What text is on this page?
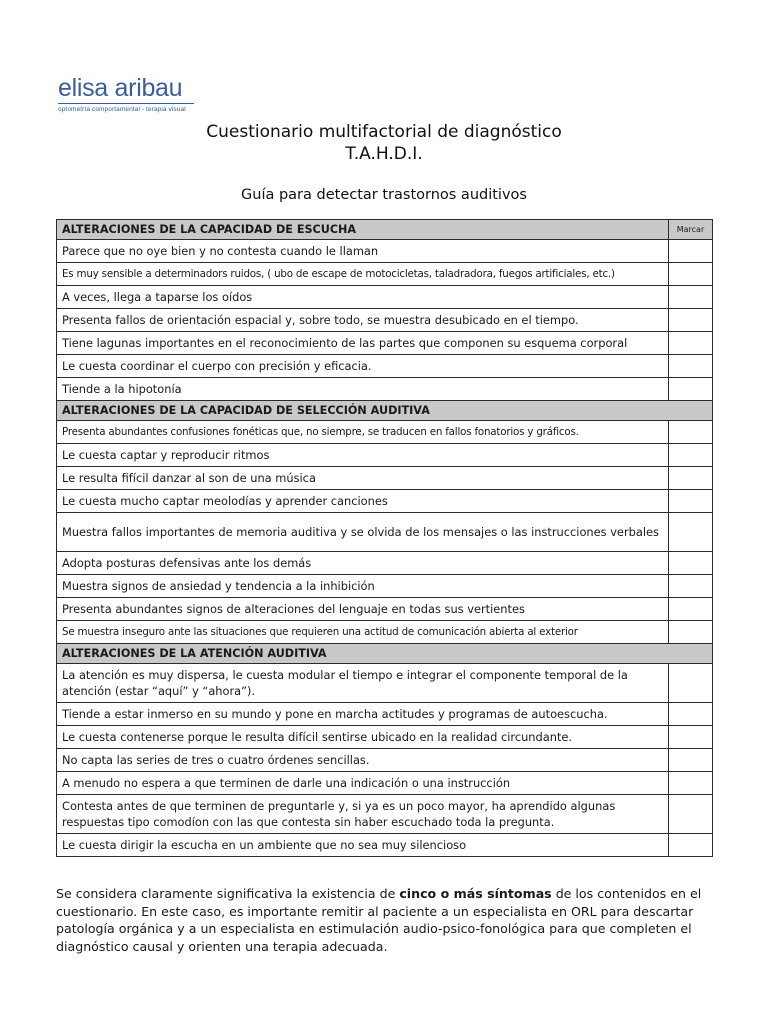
elisa aribau
optometría comportamental - terapia visual
Cuestionario multifactorial de diagnóstico
T.A.H.D.I.
Guía para detectar trastornos auditivos
ALTERACIONES DE LA CAPACIDAD DE ESCUCHA	Marcar
Parece que no oye bien y no contesta cuando le llaman	
Es muy sensible a determinadors ruidos, ( ubo de escape de motocicletas, taladradora, fuegos artificiales, etc.)	
A veces, llega a taparse los oídos	
Presenta fallos de orientación espacial y, sobre todo, se muestra desubicado en el tiempo.	
Tiene lagunas importantes en el reconocimiento de las partes que componen su esquema corporal	
Le cuesta coordinar el cuerpo con precisión y eficacia.	
Tiende a la hipotonía	
ALTERACIONES DE LA CAPACIDAD DE SELECCIÓN AUDITIVA	
Presenta abundantes confusiones fonéticas que, no siempre, se traducen en fallos fonatorios y gráficos.	
Le cuesta captar y reproducir ritmos	
Le resulta fifícil danzar al son de una música	
Le cuesta mucho captar meolodías y aprender canciones	
Muestra fallos importantes de memoria auditiva y se olvida de los mensajes o las instrucciones verbales	
Adopta posturas defensivas ante los demás	
Muestra signos de ansiedad y tendencia a la inhibición	
Presenta abundantes signos de alteraciones del lenguaje en todas sus vertientes	
Se muestra inseguro ante las situaciones que requieren una actitud de comunicación abierta al exterior	
ALTERACIONES DE LA ATENCIÓN AUDITIVA	
La atención es muy dispersa, le cuesta modular el tiempo e integrar el componente temporal de la atención (estar “aquí” y “ahora”).	
Tiende a estar inmerso en su mundo y pone en marcha actitudes y programas de autoescucha.	
Le cuesta contenerse porque le resulta difícil sentirse ubicado en la realidad circundante.	
No capta las series de tres o cuatro órdenes sencillas.	
A menudo no espera a que terminen de darle una indicación o una instrucción	
Contesta antes de que terminen de preguntarle y, si ya es un poco mayor, ha aprendido algunas respuestas tipo comodíon con las que contesta sin haber escuchado toda la pregunta.	
Le cuesta dirigir la escucha en un ambiente que no sea muy silencioso	
Se considera claramente significativa la existencia de cinco o más síntomas de los contenidos en el cuestionario. En este caso, es importante remitir al paciente a un especialista en ORL para descartar patología orgánica y a un especialista en estimulación audio-psico-fonológica para que completen el diagnóstico causal y orienten una terapia adecuada.
